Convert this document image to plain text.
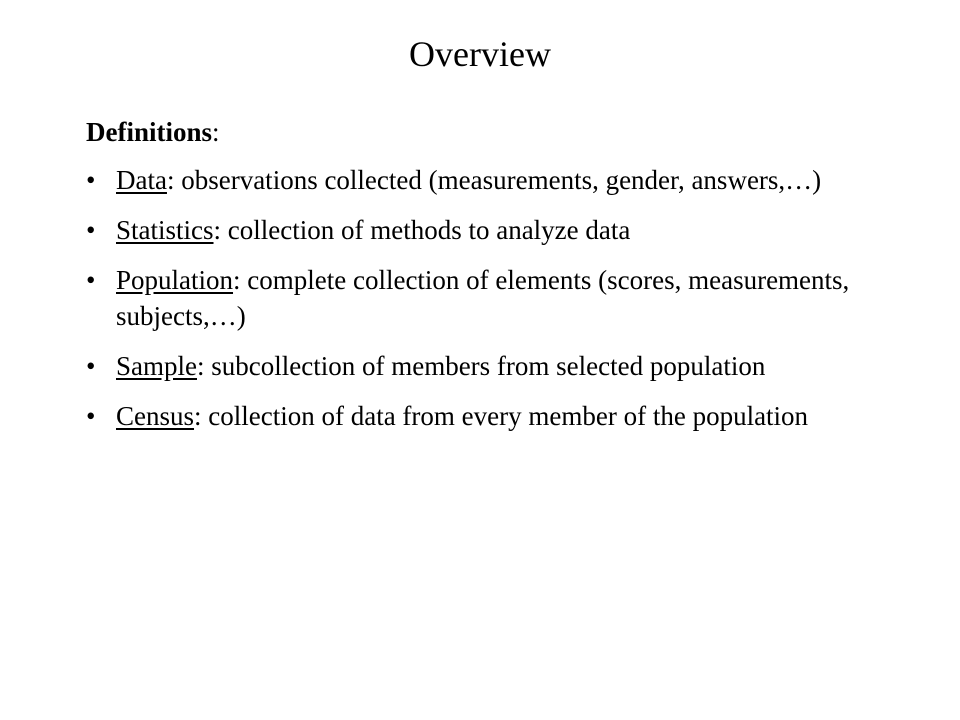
Overview
Definitions:
• Data: observations collected (measurements, gender, answers,…)
• Statistics: collection of methods to analyze data
• Population: complete collection of elements (scores, measurements, subjects,…)
• Sample: subcollection of members from selected population
• Census: collection of data from every member of the population
